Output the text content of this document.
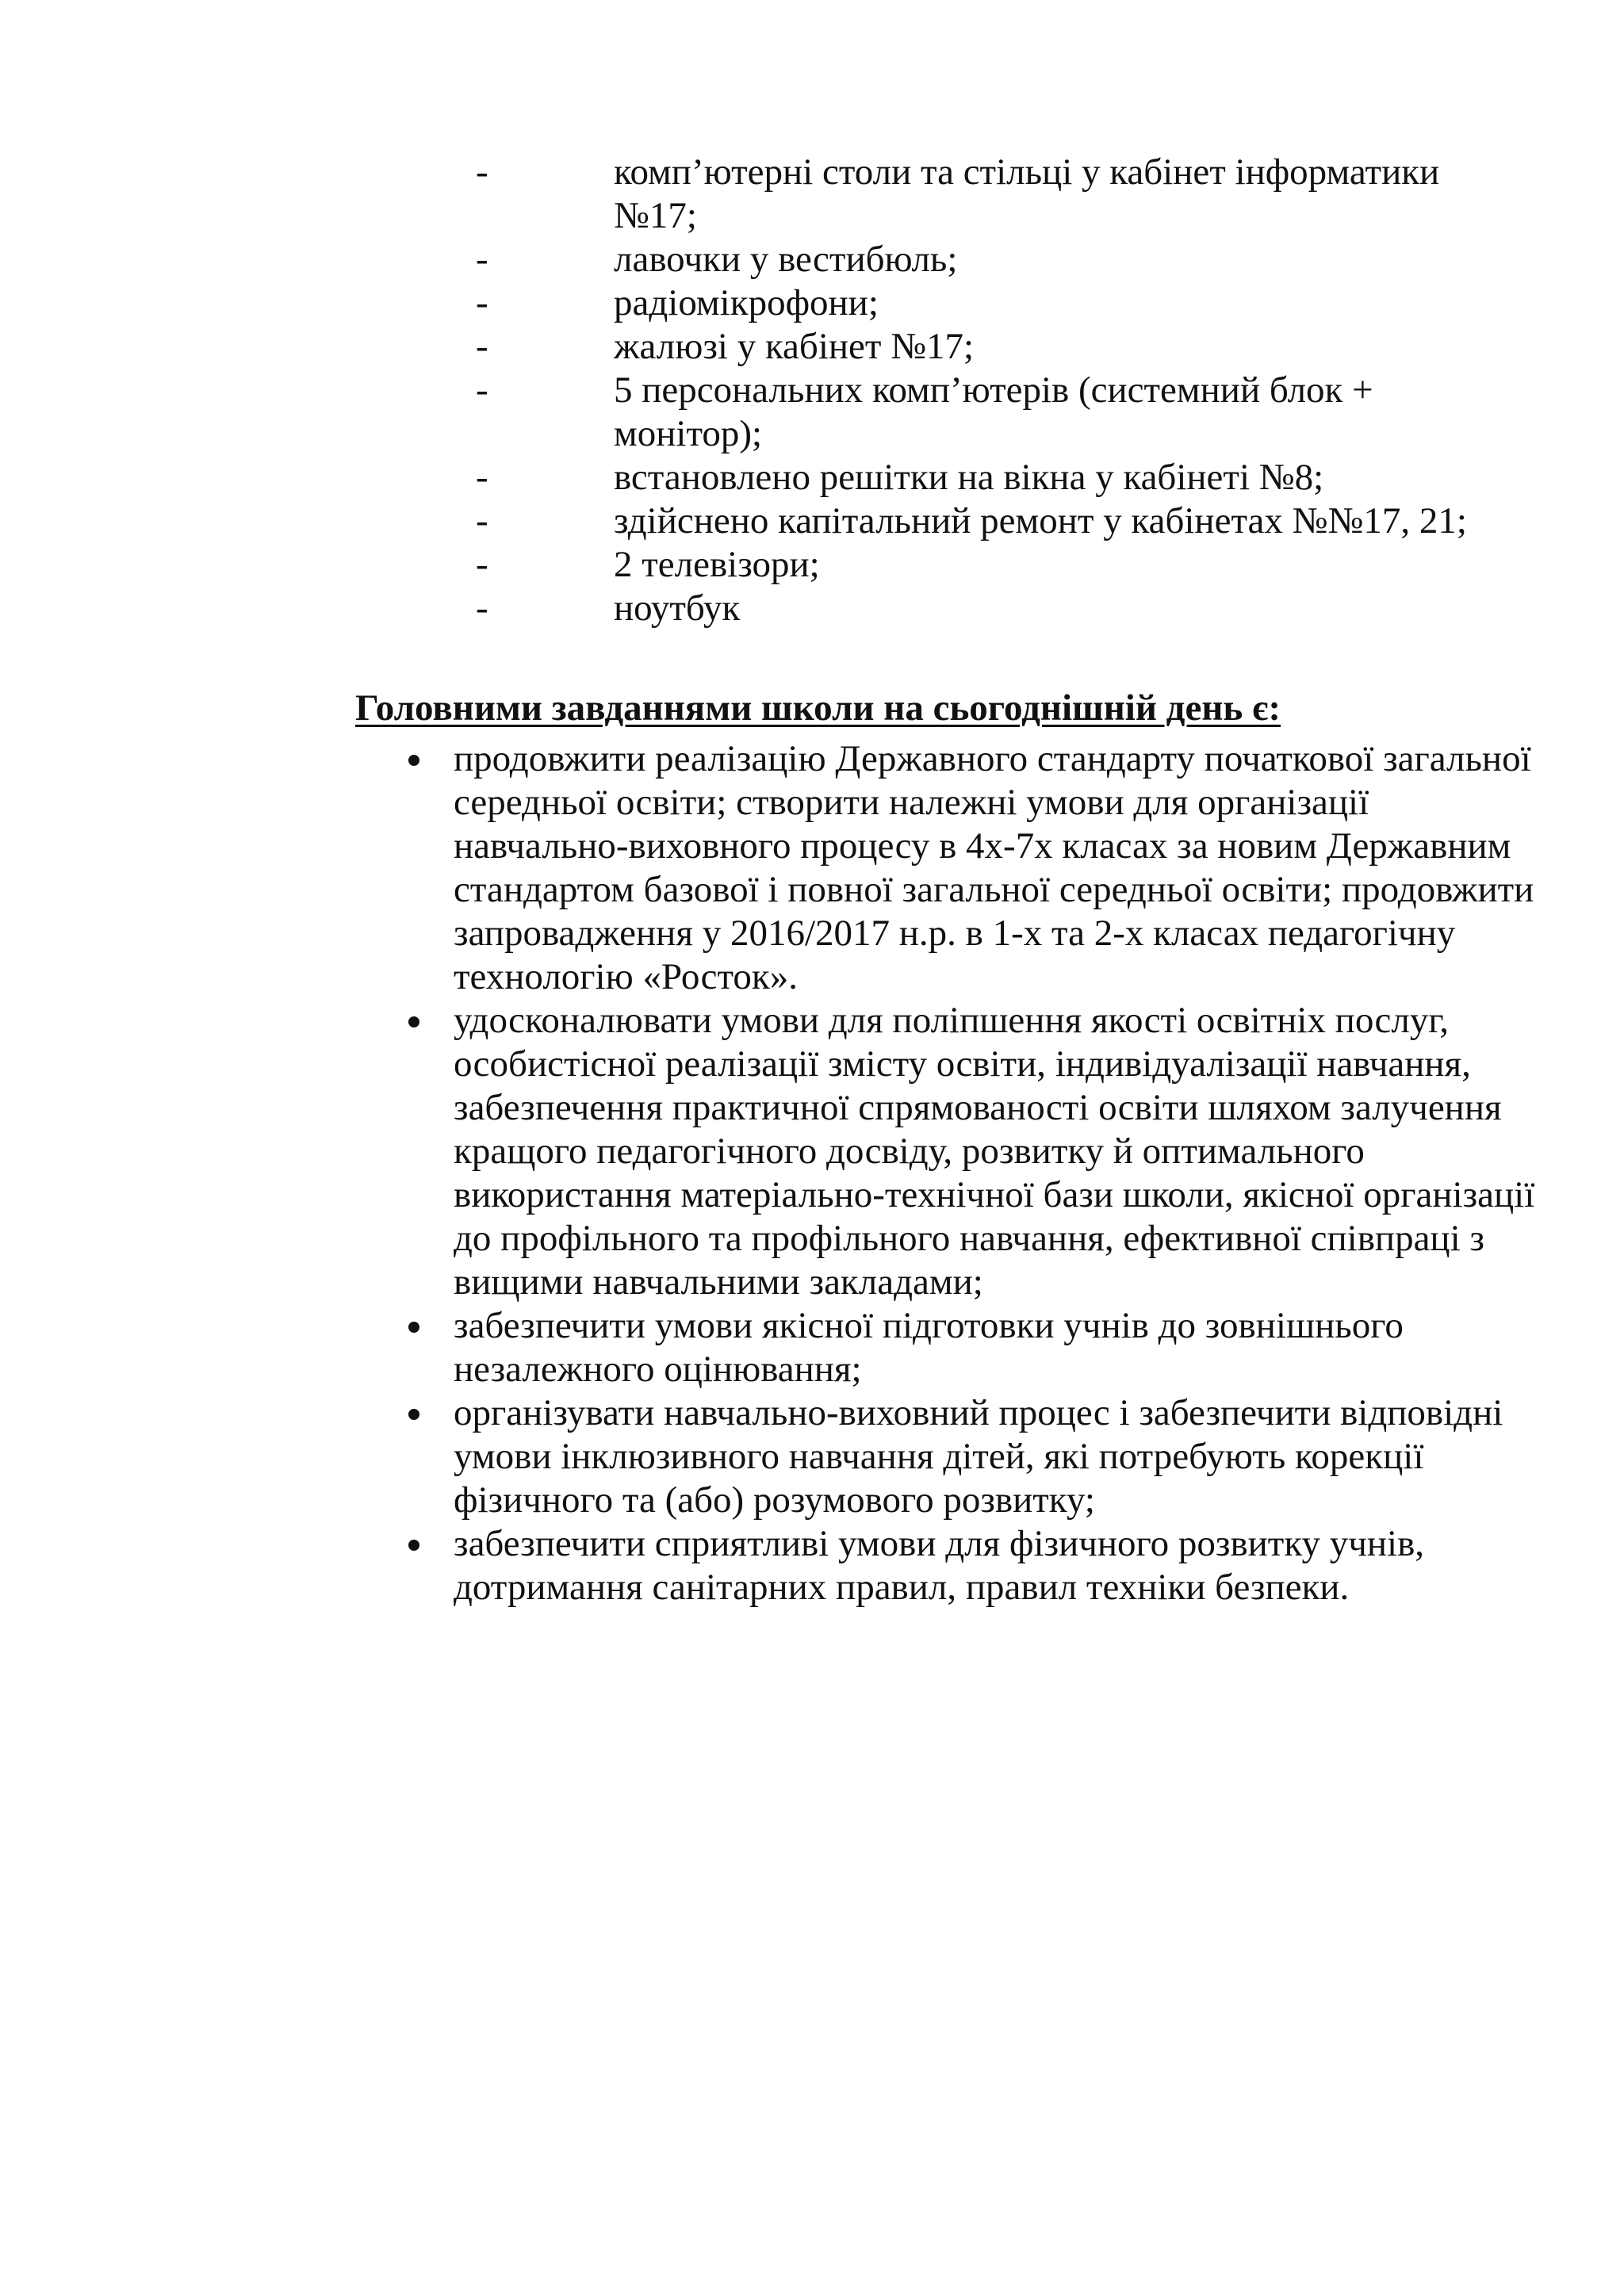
-	комп’ютерні столи та стільці у кабінет інформатики №17;
-	лавочки у вестибюль;
-	радіомікрофони;
-	жалюзі у кабінет №17;
-	5 персональних комп’ютерів (системний блок + монітор);
-	встановлено решітки на вікна у кабінеті №8;
-	здійснено капітальний ремонт у кабінетах №№17, 21;
-	2 телевізори;
-	ноутбук
Головними завданнями школи на сьогоднішній день є:
продовжити реалізацію Державного стандарту початкової загальної середньої освіти; створити належні умови для організації навчально-виховного процесу в 4х-7х класах за новим Державним стандартом базової і повної загальної середньої освіти; продовжити запровадження у 2016/2017 н.р. в 1-х та 2-х класах педагогічну технологію «Росток».
удосконалювати умови для поліпшення якості освітніх послуг, особистісної реалізації змісту освіти, індивідуалізації навчання, забезпечення практичної спрямованості освіти шляхом залучення кращого педагогічного досвіду, розвитку й оптимального використання матеріально-технічної бази школи, якісної організації до профільного та профільного навчання, ефективної співпраці з вищими навчальними закладами;
забезпечити умови якісної підготовки учнів до зовнішнього незалежного оцінювання;
організувати навчально-виховний процес і забезпечити відповідні умови інклюзивного навчання дітей, які потребують корекції фізичного та (або) розумового розвитку;
забезпечити сприятливі умови для фізичного розвитку учнів, дотримання санітарних правил, правил техніки безпеки.
